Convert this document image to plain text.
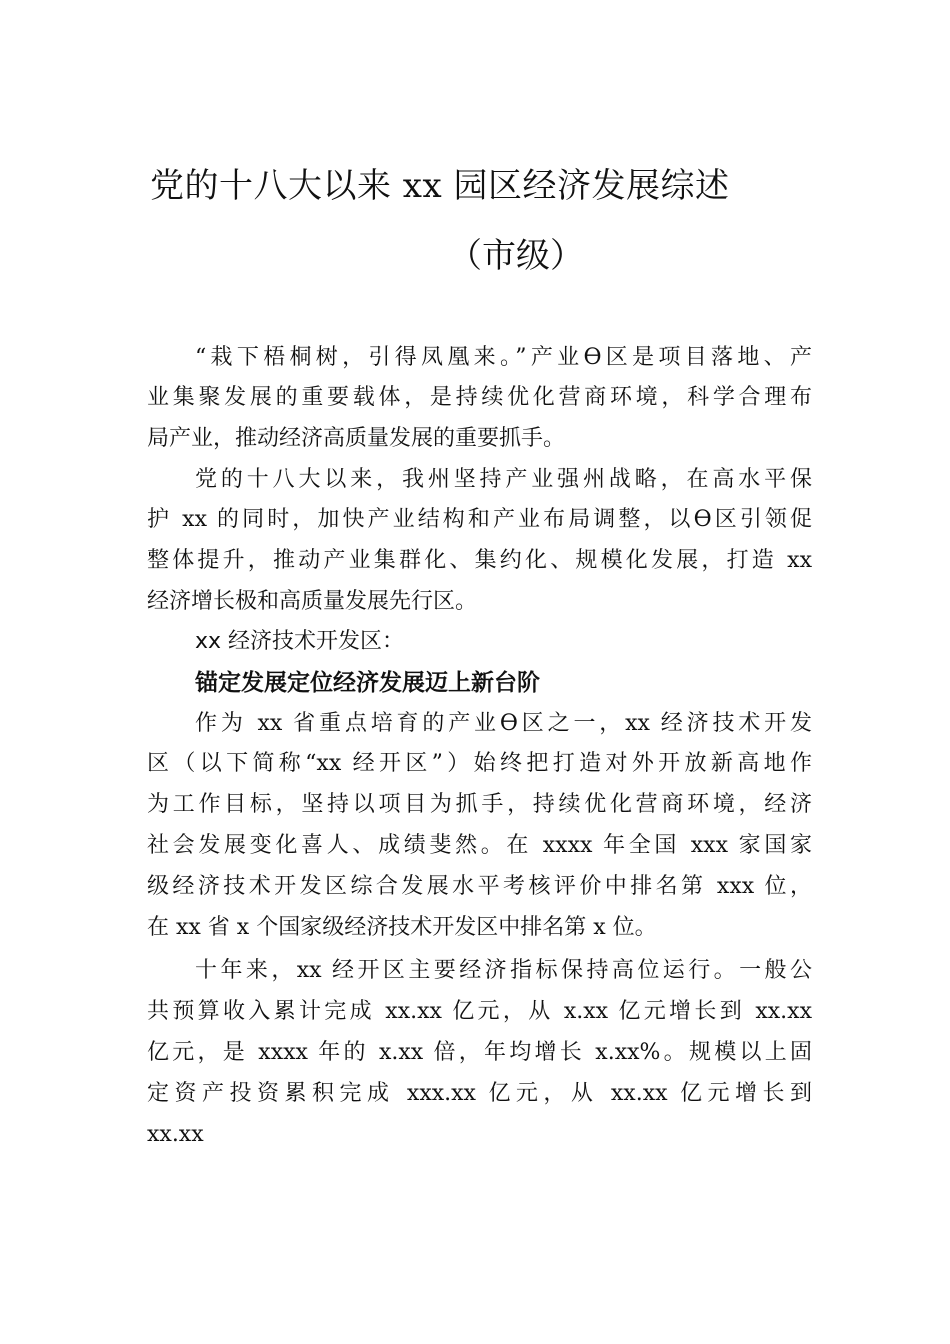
党的十八大以来 xx 园区经济发展综述
（市级）
“栽下梧桐树，引得凤凰来。”产业ϴ区是项目落地、产
业集聚发展的重要载体，是持续优化营商环境，科学合理布
局产业，推动经济高质量发展的重要抓手。
党的十八大以来，我州坚持产业强州战略，在高水平保
护 xx 的同时，加快产业结构和产业布局调整，以ϴ区引领促
整体提升，推动产业集群化、集约化、规模化发展，打造 xx
经济增长极和高质量发展先行区。
xx 经济技术开发区：
锚定发展定位经济发展迈上新台阶
作为 xx 省重点培育的产业ϴ区之一，xx 经济技术开发
区（以下简称“xx 经开区”）始终把打造对外开放新高地作
为工作目标，坚持以项目为抓手，持续优化营商环境，经济
社会发展变化喜人、成绩斐然。在 xxxx 年全国 xxx 家国家
级经济技术开发区综合发展水平考核评价中排名第 xxx 位，
在 xx 省 x 个国家级经济技术开发区中排名第 x 位。
十年来，xx 经开区主要经济指标保持高位运行。一般公
共预算收入累计完成 xx.xx 亿元，从 x.xx 亿元增长到 xx.xx
亿元，是 xxxx 年的 x.xx 倍，年均增长 x.xx%。规模以上固
定资产投资累积完成 xxx.xx 亿元，从 xx.xx 亿元增长到
xx.xx
